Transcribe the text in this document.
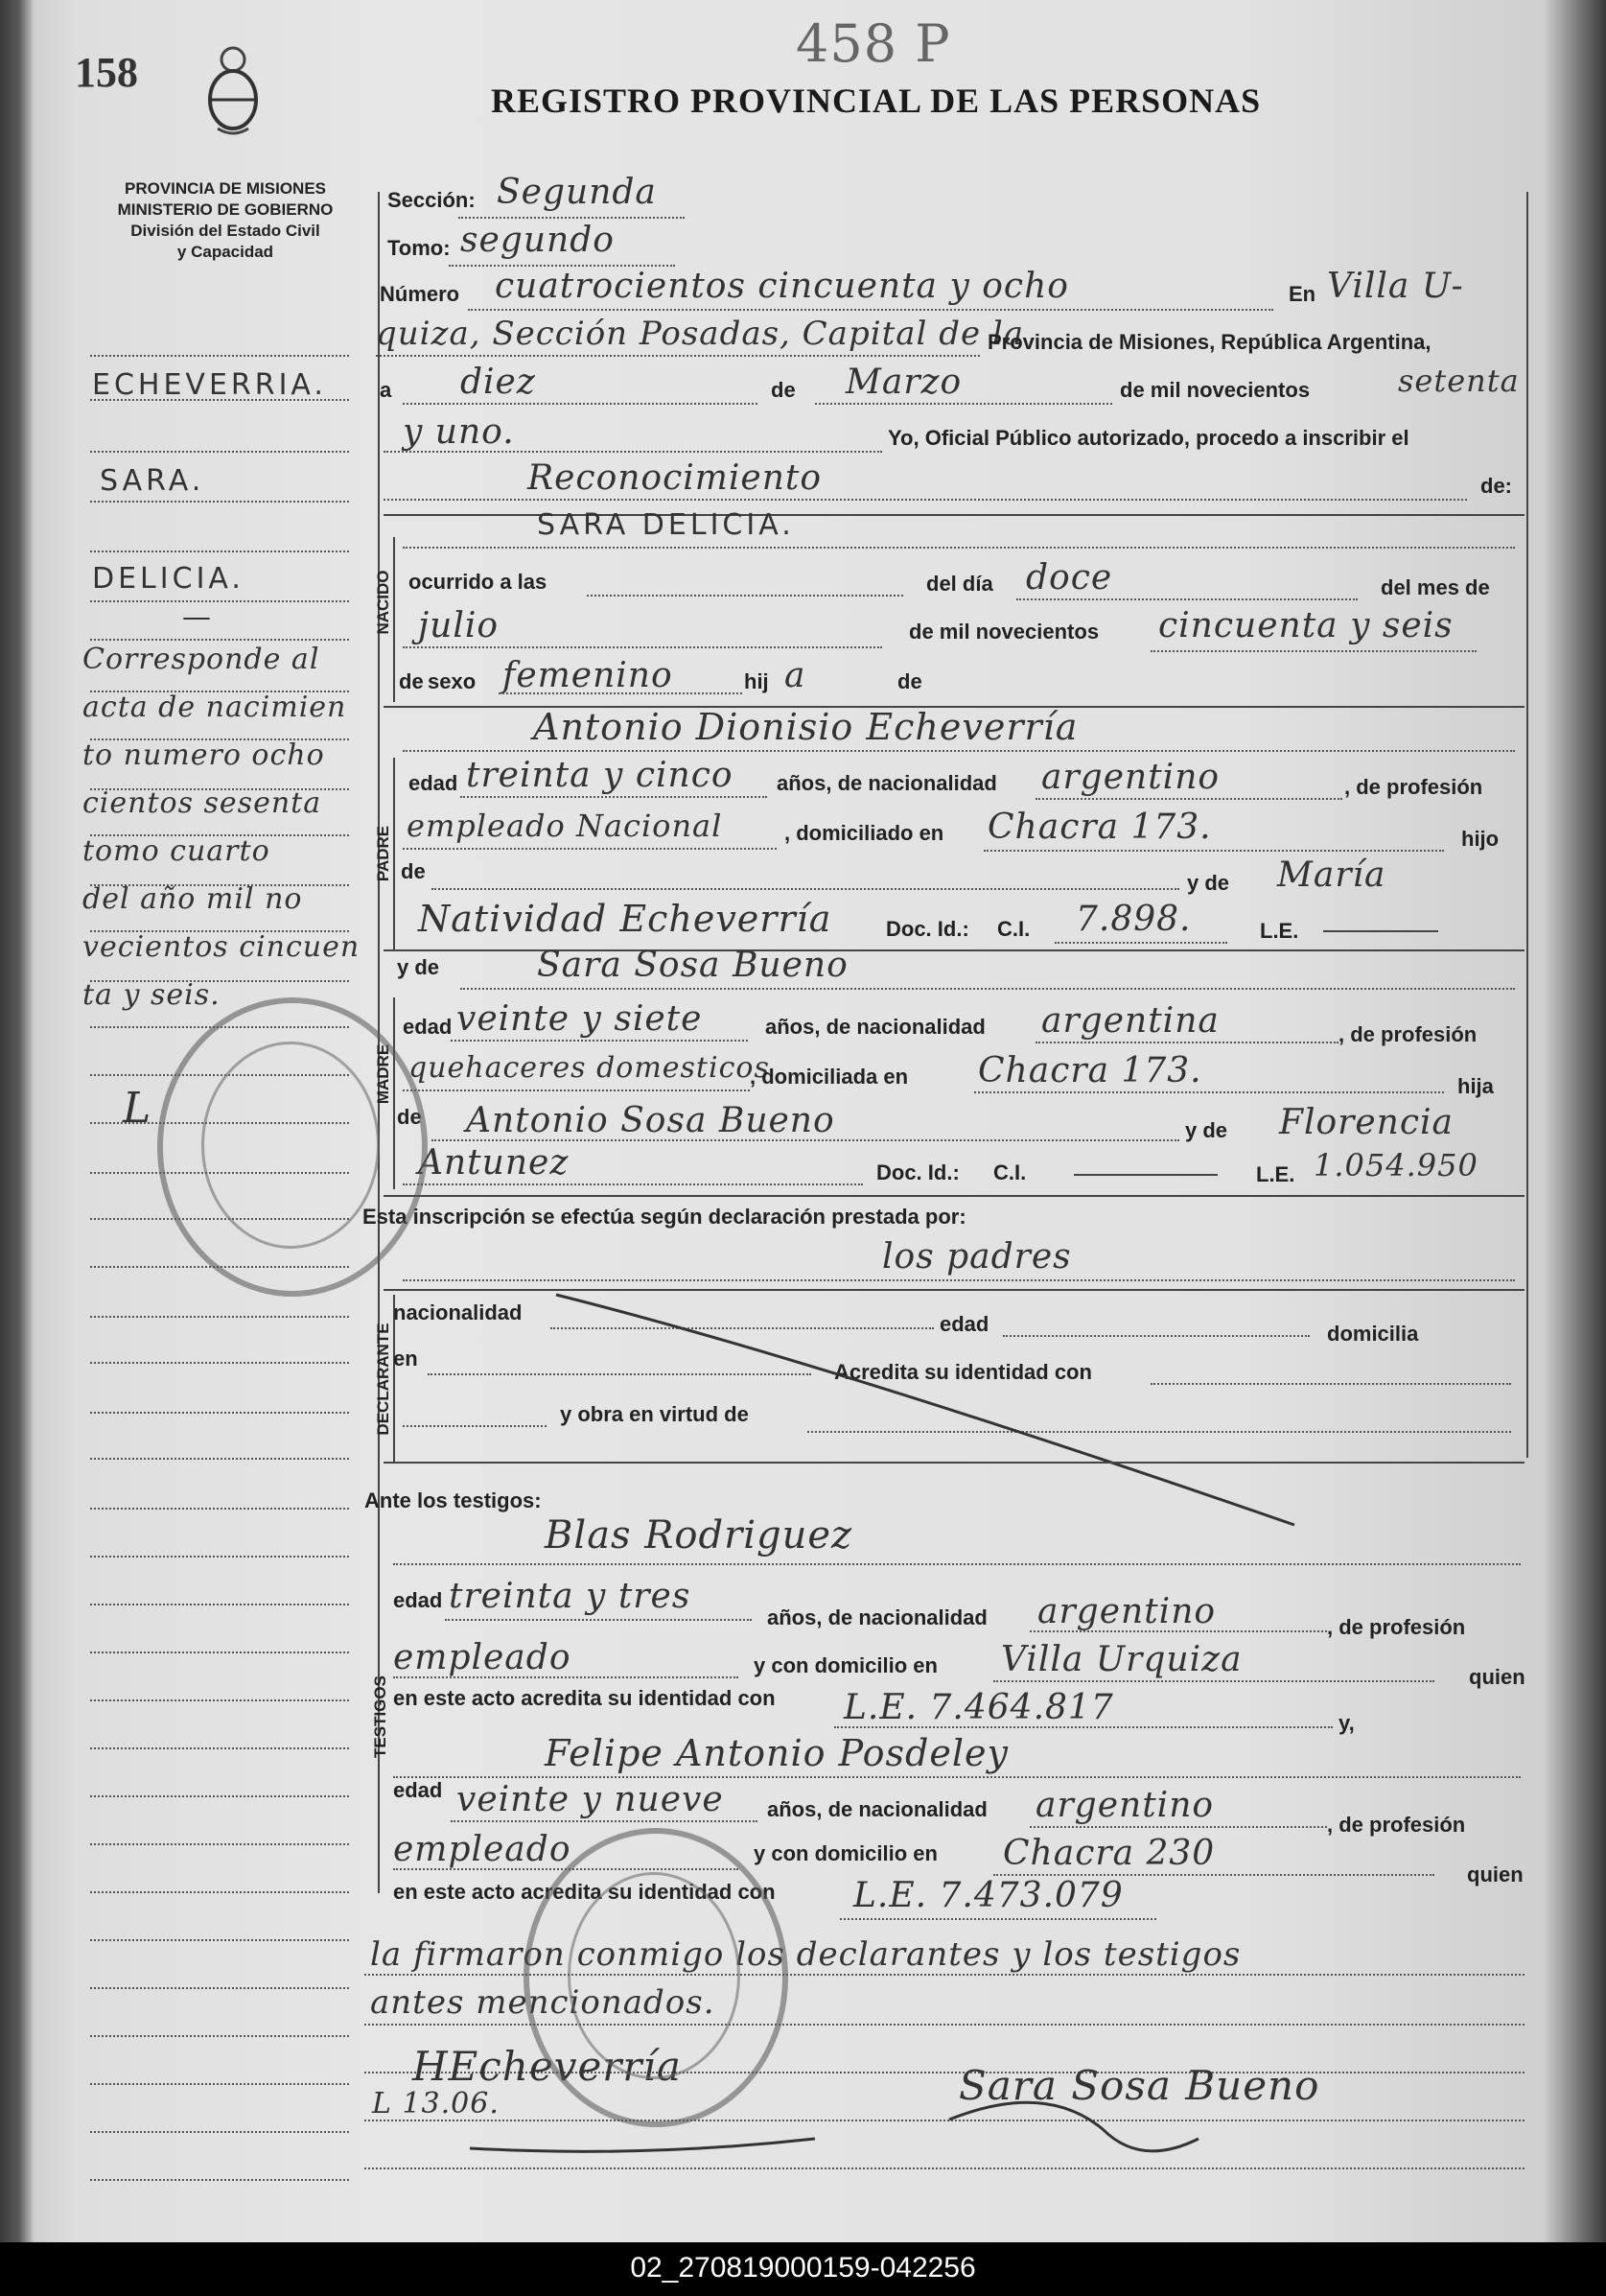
158	458 P
REGISTRO PROVINCIAL DE LAS PERSONAS
PROVINCIA DE MISIONES
MINISTERIO DE GOBIERNO
División del Estado Civil
y Capacidad
ECHEVERRIA.
SARA.
DELICIA.
—
Corresponde al
acta de nacimien
to numero ocho
cientos sesenta
tomo cuarto
del año mil no
vecientos cincuen
ta y seis.
L
Sección: Segunda
Tomo: segundo
Número cuatrocientos cincuenta y ocho	En Villa U-
quiza, Sección Posadas, Capital de la
Provincia de Misiones, República Argentina,
a diez	de Marzo	de mil novecientos	setenta
y uno.	Yo, Oficial Público autorizado, procedo a inscribir el
Reconocimiento	de:
NACIDO
SARA DELICIA.
ocurrido a las	del día doce	del mes de
julio	de mil novecientos cincuenta y seis
de sexo femenino	hij a	de
PADRE
Antonio Dionisio Echeverría
edad treinta y cinco años, de nacionalidad argentino	, de profesión
empleado Nacional	, domiciliado en Chacra 173.	hijo
de	y de María
Natividad Echeverría	Doc. Id.: C.I. 7.898.	L.E.
MADRE
y de	Sara Sosa Bueno
edad veinte y siete	años, de nacionalidad argentina	, de profesión
quehaceres domesticos
, domiciliada en Chacra 173.	hija
de Antonio Sosa Bueno	y de Florencia
Antunez	Doc. Id.: C.I.	L.E. 1.054.950
Esta inscripción se efectúa según declaración prestada por:
los padres
DECLARANTE
nacionalidad	edad	domicilia
en
Acredita su identidad con
y obra en virtud de
Ante los testigos:
TESTIGOS
Blas Rodriguez
edad treinta y tres
años, de nacionalidad argentino	, de profesión
empleado	y con domicilio en Villa Urquiza	quien
en este acto acredita su identidad con L.E. 7.464.817	y,
Felipe Antonio Posdeley
edad veinte y nueve años, de nacionalidad argentino	, de profesión
empleado	y con domicilio en Chacra 230
quien
en este acto acredita su identidad con L.E. 7.473.079
la firmaron conmigo los declarantes y los testigos
antes mencionados.
HEcheverría
L 13.06.	Sara Sosa Bueno
02_270819000159-042256
